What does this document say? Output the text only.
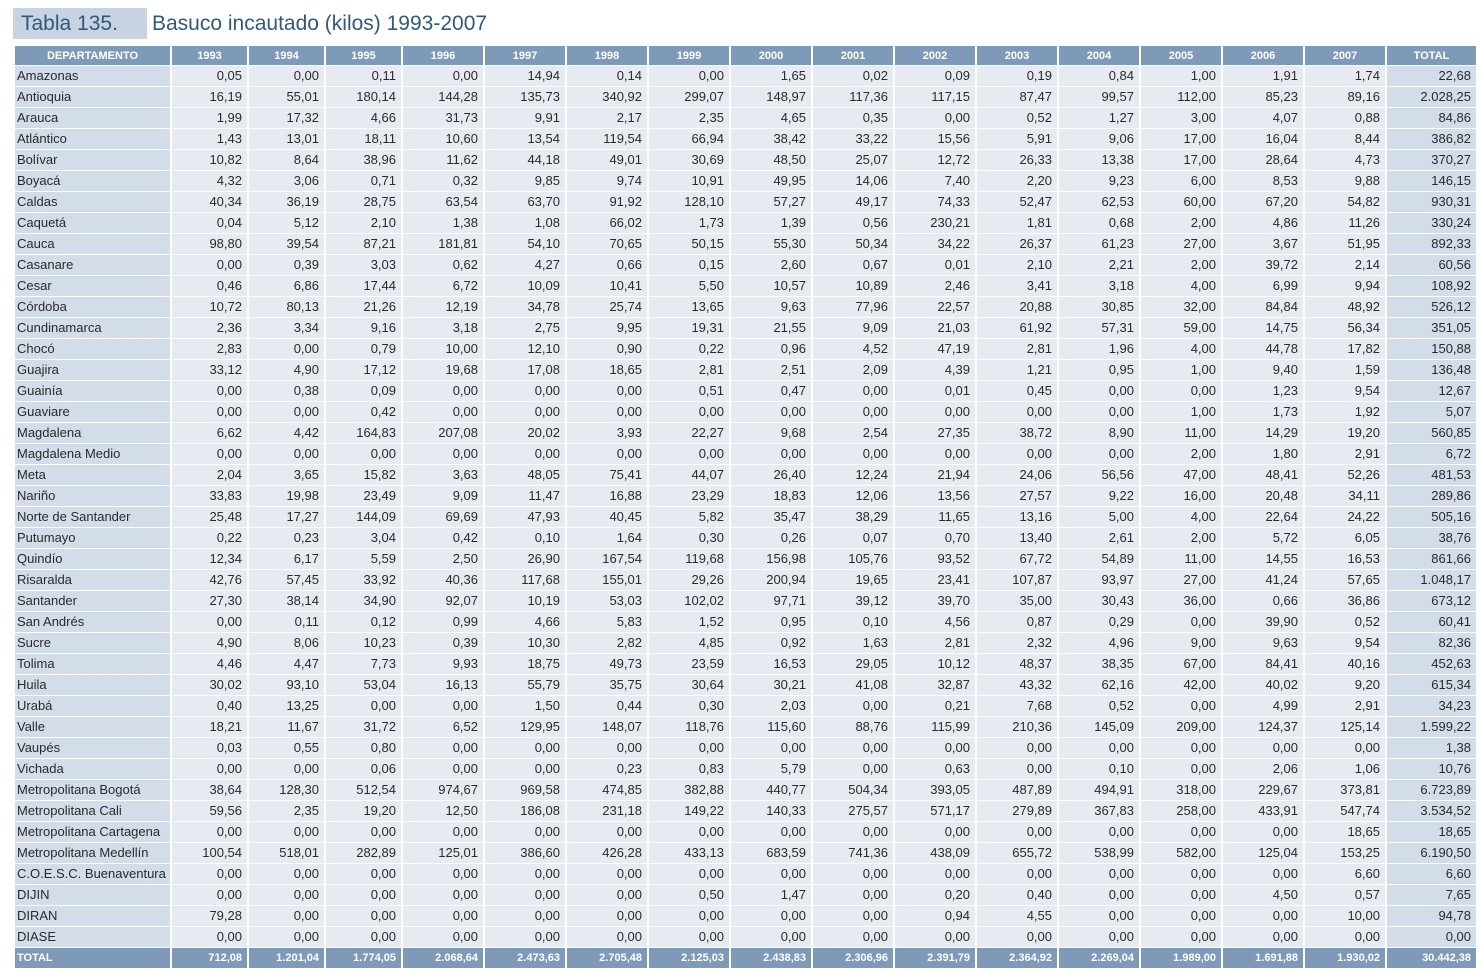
Tabla 135.	Basuco incautado (kilos) 1993-2007
DEPARTAMENTO	1993	1994	1995	1996	1997	1998	1999	2000	2001	2002	2003	2004	2005	2006	2007	TOTAL
Amazonas	0,05	0,00	0,11	0,00	14,94	0,14	0,00	1,65	0,02	0,09	0,19	0,84	1,00	1,91	1,74	22,68
Antioquia	16,19	55,01	180,14	144,28	135,73	340,92	299,07	148,97	117,36	117,15	87,47	99,57	112,00	85,23	89,16	2.028,25
Arauca	1,99	17,32	4,66	31,73	9,91	2,17	2,35	4,65	0,35	0,00	0,52	1,27	3,00	4,07	0,88	84,86
Atlántico	1,43	13,01	18,11	10,60	13,54	119,54	66,94	38,42	33,22	15,56	5,91	9,06	17,00	16,04	8,44	386,82
Bolívar	10,82	8,64	38,96	11,62	44,18	49,01	30,69	48,50	25,07	12,72	26,33	13,38	17,00	28,64	4,73	370,27
Boyacá	4,32	3,06	0,71	0,32	9,85	9,74	10,91	49,95	14,06	7,40	2,20	9,23	6,00	8,53	9,88	146,15
Caldas	40,34	36,19	28,75	63,54	63,70	91,92	128,10	57,27	49,17	74,33	52,47	62,53	60,00	67,20	54,82	930,31
Caquetá	0,04	5,12	2,10	1,38	1,08	66,02	1,73	1,39	0,56	230,21	1,81	0,68	2,00	4,86	11,26	330,24
Cauca	98,80	39,54	87,21	181,81	54,10	70,65	50,15	55,30	50,34	34,22	26,37	61,23	27,00	3,67	51,95	892,33
Casanare	0,00	0,39	3,03	0,62	4,27	0,66	0,15	2,60	0,67	0,01	2,10	2,21	2,00	39,72	2,14	60,56
Cesar	0,46	6,86	17,44	6,72	10,09	10,41	5,50	10,57	10,89	2,46	3,41	3,18	4,00	6,99	9,94	108,92
Córdoba	10,72	80,13	21,26	12,19	34,78	25,74	13,65	9,63	77,96	22,57	20,88	30,85	32,00	84,84	48,92	526,12
Cundinamarca	2,36	3,34	9,16	3,18	2,75	9,95	19,31	21,55	9,09	21,03	61,92	57,31	59,00	14,75	56,34	351,05
Chocó	2,83	0,00	0,79	10,00	12,10	0,90	0,22	0,96	4,52	47,19	2,81	1,96	4,00	44,78	17,82	150,88
Guajira	33,12	4,90	17,12	19,68	17,08	18,65	2,81	2,51	2,09	4,39	1,21	0,95	1,00	9,40	1,59	136,48
Guainía	0,00	0,38	0,09	0,00	0,00	0,00	0,51	0,47	0,00	0,01	0,45	0,00	0,00	1,23	9,54	12,67
Guaviare	0,00	0,00	0,42	0,00	0,00	0,00	0,00	0,00	0,00	0,00	0,00	0,00	1,00	1,73	1,92	5,07
Magdalena	6,62	4,42	164,83	207,08	20,02	3,93	22,27	9,68	2,54	27,35	38,72	8,90	11,00	14,29	19,20	560,85
Magdalena Medio	0,00	0,00	0,00	0,00	0,00	0,00	0,00	0,00	0,00	0,00	0,00	0,00	2,00	1,80	2,91	6,72
Meta	2,04	3,65	15,82	3,63	48,05	75,41	44,07	26,40	12,24	21,94	24,06	56,56	47,00	48,41	52,26	481,53
Nariño	33,83	19,98	23,49	9,09	11,47	16,88	23,29	18,83	12,06	13,56	27,57	9,22	16,00	20,48	34,11	289,86
Norte de Santander	25,48	17,27	144,09	69,69	47,93	40,45	5,82	35,47	38,29	11,65	13,16	5,00	4,00	22,64	24,22	505,16
Putumayo	0,22	0,23	3,04	0,42	0,10	1,64	0,30	0,26	0,07	0,70	13,40	2,61	2,00	5,72	6,05	38,76
Quindío	12,34	6,17	5,59	2,50	26,90	167,54	119,68	156,98	105,76	93,52	67,72	54,89	11,00	14,55	16,53	861,66
Risaralda	42,76	57,45	33,92	40,36	117,68	155,01	29,26	200,94	19,65	23,41	107,87	93,97	27,00	41,24	57,65	1.048,17
Santander	27,30	38,14	34,90	92,07	10,19	53,03	102,02	97,71	39,12	39,70	35,00	30,43	36,00	0,66	36,86	673,12
San Andrés	0,00	0,11	0,12	0,99	4,66	5,83	1,52	0,95	0,10	4,56	0,87	0,29	0,00	39,90	0,52	60,41
Sucre	4,90	8,06	10,23	0,39	10,30	2,82	4,85	0,92	1,63	2,81	2,32	4,96	9,00	9,63	9,54	82,36
Tolima	4,46	4,47	7,73	9,93	18,75	49,73	23,59	16,53	29,05	10,12	48,37	38,35	67,00	84,41	40,16	452,63
Huila	30,02	93,10	53,04	16,13	55,79	35,75	30,64	30,21	41,08	32,87	43,32	62,16	42,00	40,02	9,20	615,34
Urabá	0,40	13,25	0,00	0,00	1,50	0,44	0,30	2,03	0,00	0,21	7,68	0,52	0,00	4,99	2,91	34,23
Valle	18,21	11,67	31,72	6,52	129,95	148,07	118,76	115,60	88,76	115,99	210,36	145,09	209,00	124,37	125,14	1.599,22
Vaupés	0,03	0,55	0,80	0,00	0,00	0,00	0,00	0,00	0,00	0,00	0,00	0,00	0,00	0,00	0,00	1,38
Vichada	0,00	0,00	0,06	0,00	0,00	0,23	0,83	5,79	0,00	0,63	0,00	0,10	0,00	2,06	1,06	10,76
Metropolitana Bogotá	38,64	128,30	512,54	974,67	969,58	474,85	382,88	440,77	504,34	393,05	487,89	494,91	318,00	229,67	373,81	6.723,89
Metropolitana Cali	59,56	2,35	19,20	12,50	186,08	231,18	149,22	140,33	275,57	571,17	279,89	367,83	258,00	433,91	547,74	3.534,52
Metropolitana Cartagena	0,00	0,00	0,00	0,00	0,00	0,00	0,00	0,00	0,00	0,00	0,00	0,00	0,00	0,00	18,65	18,65
Metropolitana Medellín	100,54	518,01	282,89	125,01	386,60	426,28	433,13	683,59	741,36	438,09	655,72	538,99	582,00	125,04	153,25	6.190,50
C.O.E.S.C. Buenaventura	0,00	0,00	0,00	0,00	0,00	0,00	0,00	0,00	0,00	0,00	0,00	0,00	0,00	0,00	6,60	6,60
DIJIN	0,00	0,00	0,00	0,00	0,00	0,00	0,50	1,47	0,00	0,20	0,40	0,00	0,00	4,50	0,57	7,65
DIRAN	79,28	0,00	0,00	0,00	0,00	0,00	0,00	0,00	0,00	0,94	4,55	0,00	0,00	0,00	10,00	94,78
DIASE	0,00	0,00	0,00	0,00	0,00	0,00	0,00	0,00	0,00	0,00	0,00	0,00	0,00	0,00	0,00	0,00
TOTAL	712,08	1.201,04	1.774,05	2.068,64	2.473,63	2.705,48	2.125,03	2.438,83	2.306,96	2.391,79	2.364,92	2.269,04	1.989,00	1.691,88	1.930,02	30.442,38
